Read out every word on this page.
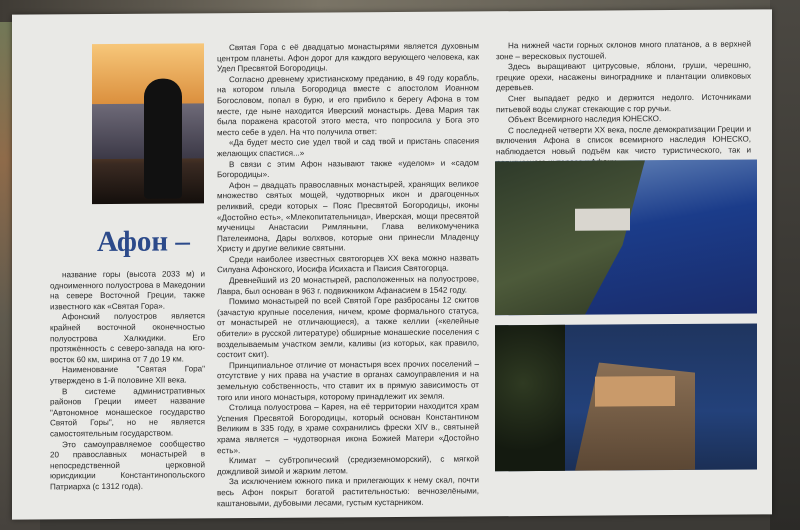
Афон –

название горы (высота 2033 м) и одноименного полуострова в Македонии на севере Восточной Греции, также известного как «Святая Гора».

Афонский полуостров является крайней восточной оконечностью полуострова Халкидики. Его протяжённость с северо-запада на юго-восток 60 км, ширина от 7 до 19 км.

Наименование "Святая Гора" утверждено в 1-й половине XII века.

В системе административных районов Греции имеет название "Автономное монашеское государство Святой Горы", но не является самостоятельным государством.

Это самоуправляемое сообщество 20 православных монастырей в непосредственной церковной юрисдикции Константинопольского Патриарха (с 1312 года).

Святая Гора с её двадцатью монастырями является духовным центром планеты. Афон дорог для каждого верующего человека, как Удел Пресвятой Богородицы.

Согласно древнему христианскому преданию, в 49 году корабль, на котором плыла Богородица вместе с апостолом Иоанном Богословом, попал в бурю, и его прибило к берегу Афона в том месте, где ныне находится Иверский монастырь. Дева Мария так была поражена красотой этого места, что попросила у Бога это место себе в удел. На что получила ответ:

«Да будет место сие удел твой и сад твой и пристань спасения желающих спастися...»

В связи с этим Афон называют также «уделом» и «садом Богородицы».

Афон – двадцать православных монастырей, хранящих великое множество святых мощей, чудотворных икон и драгоценных реликвий, среди которых – Пояс Пресвятой Богородицы, иконы «Достойно есть», «Млекопитательница», Иверская, мощи пресвятой мученицы Анастасии Римляныни, Глава великомученика Пателеимона, Дары волхвов, которые они принесли Младенцу Христу и другие великие святыни.

Среди наиболее известных святогорцев XX века можно назвать Силуана Афонского, Иосифа Исихаста и Паисия Святогорца.

Древнейший из 20 монастырей, расположенных на полуострове, Лавра, был основан в 963 г. подвижником Афанасием в 1542 году.

Помимо монастырей по всей Святой Горе разбросаны 12 скитов (зачастую крупные поселения, ничем, кроме формального статуса, от монастырей не отличающиеся), а также келлии («келейные обители» в русской литературе) обширные монашеские поселения с возделываемым участком земли, каливы (из которых, как правило, состоит скит).

Принципиальное отличие от монастыря всех прочих поселений – отсутствие у них права на участие в органах самоуправления и на земельную собственность, что ставит их в прямую зависимость от того или иного монастыря, которому принадлежит их земля.

Столица полуострова – Карея, на её территории находится храм Успения Пресвятой Богородицы, который основан Константином Великим в 335 году, в храме сохранились фрески XIV в., святыней храма является – чудотворная икона Божией Матери «Достойно есть».

Климат – субтропический (средиземноморский), с мягкой дождливой зимой и жарким летом.

За исключением южного пика и прилегающих к нему скал, почти весь Афон покрыт богатой растительностью: вечнозелёными, каштановыми, дубовыми лесами, густым кустарником.

На нижней части горных склонов много платанов, а в верхней зоне – вересковых пустошей.

Здесь выращивают цитрусовые, яблони, груши, черешню, грецкие орехи, насажены винограднике и плантации оливковых деревьев.

Снег выпадает редко и держится недолго. Источниками питьевой воды служат стекающие с гор ручьи.

Объект Всемирного наследия ЮНЕСКО.

С последней четверти XX века, после демократизации Греции и включения Афона в список всемирного наследия ЮНЕСКО, наблюдается новый подъём как чисто туристического, так и
